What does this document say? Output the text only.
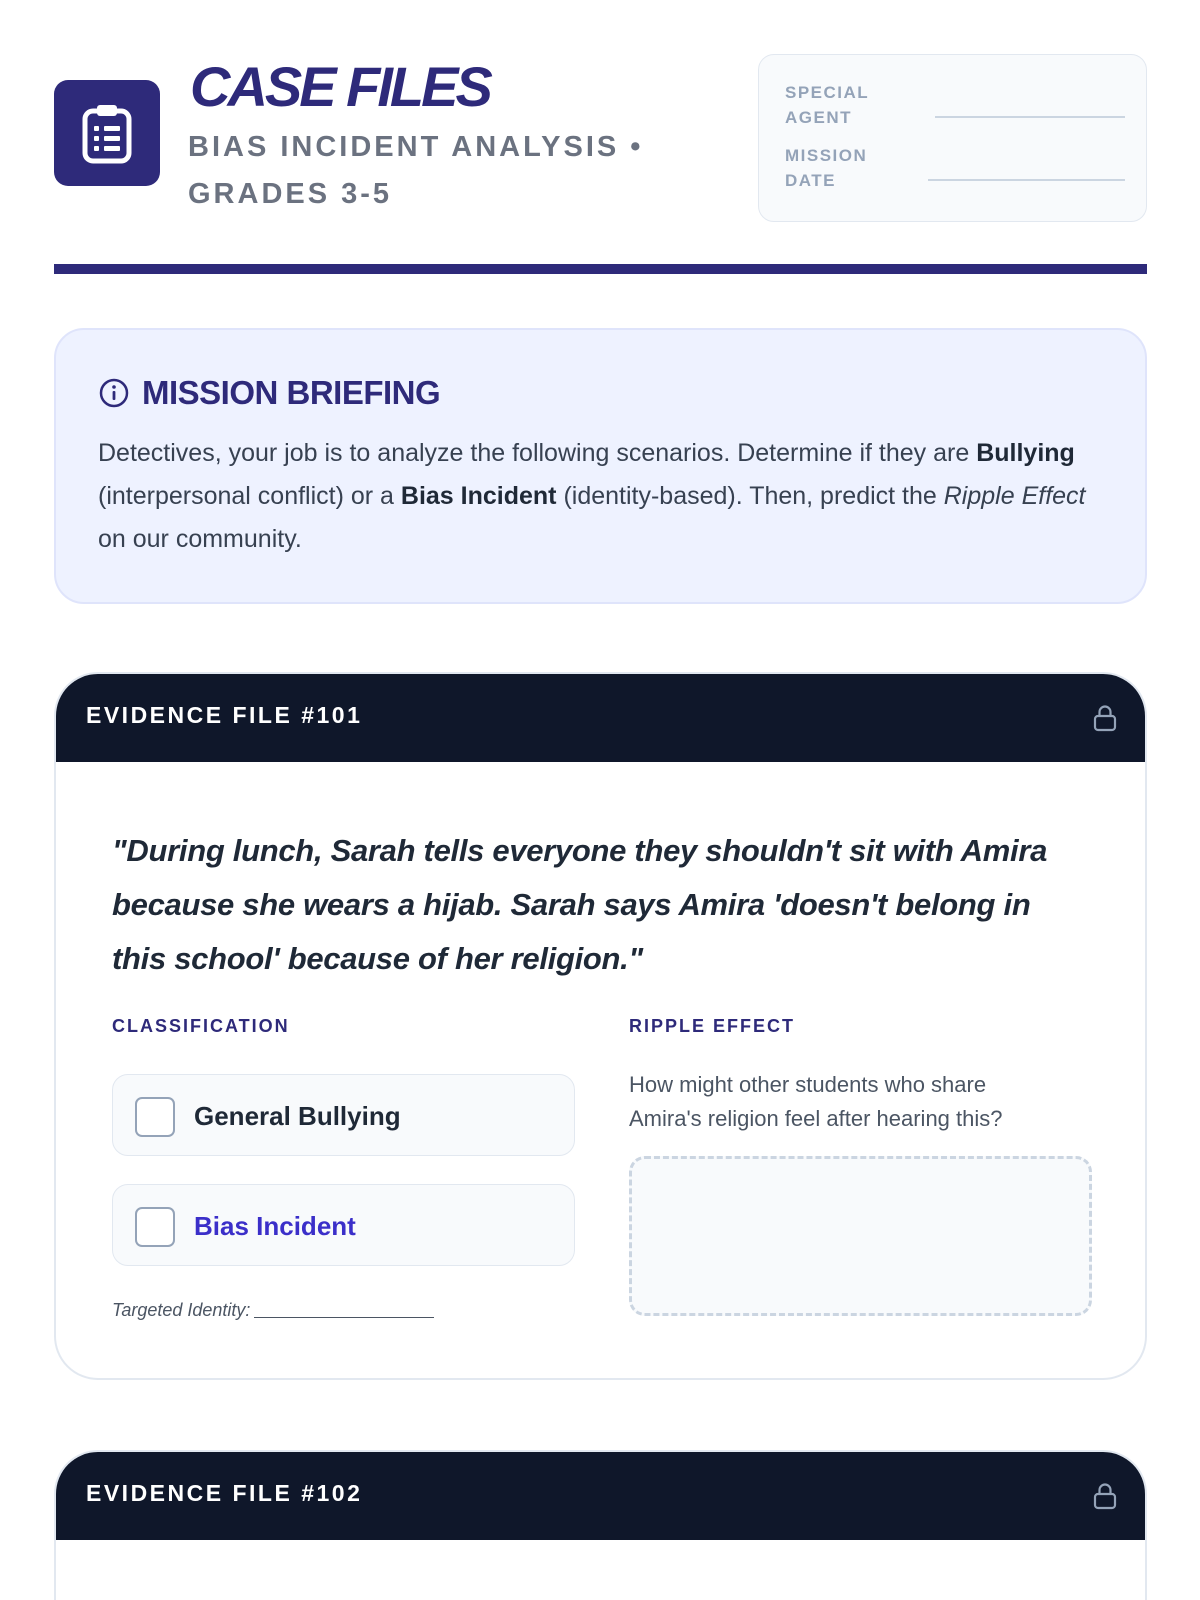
CASE FILES
BIAS INCIDENT ANALYSIS • GRADES 3-5
SPECIAL AGENT
MISSION DATE
MISSION BRIEFING
Detectives, your job is to analyze the following scenarios. Determine if they are Bullying (interpersonal conflict) or a Bias Incident (identity-based). Then, predict the Ripple Effect on our community.
EVIDENCE FILE #101
"During lunch, Sarah tells everyone they shouldn't sit with Amira because she wears a hijab. Sarah says Amira 'doesn't belong in this school' because of her religion."
CLASSIFICATION
General Bullying
Bias Incident
Targeted Identity:
RIPPLE EFFECT
How might other students who share Amira's religion feel after hearing this?
EVIDENCE FILE #102
